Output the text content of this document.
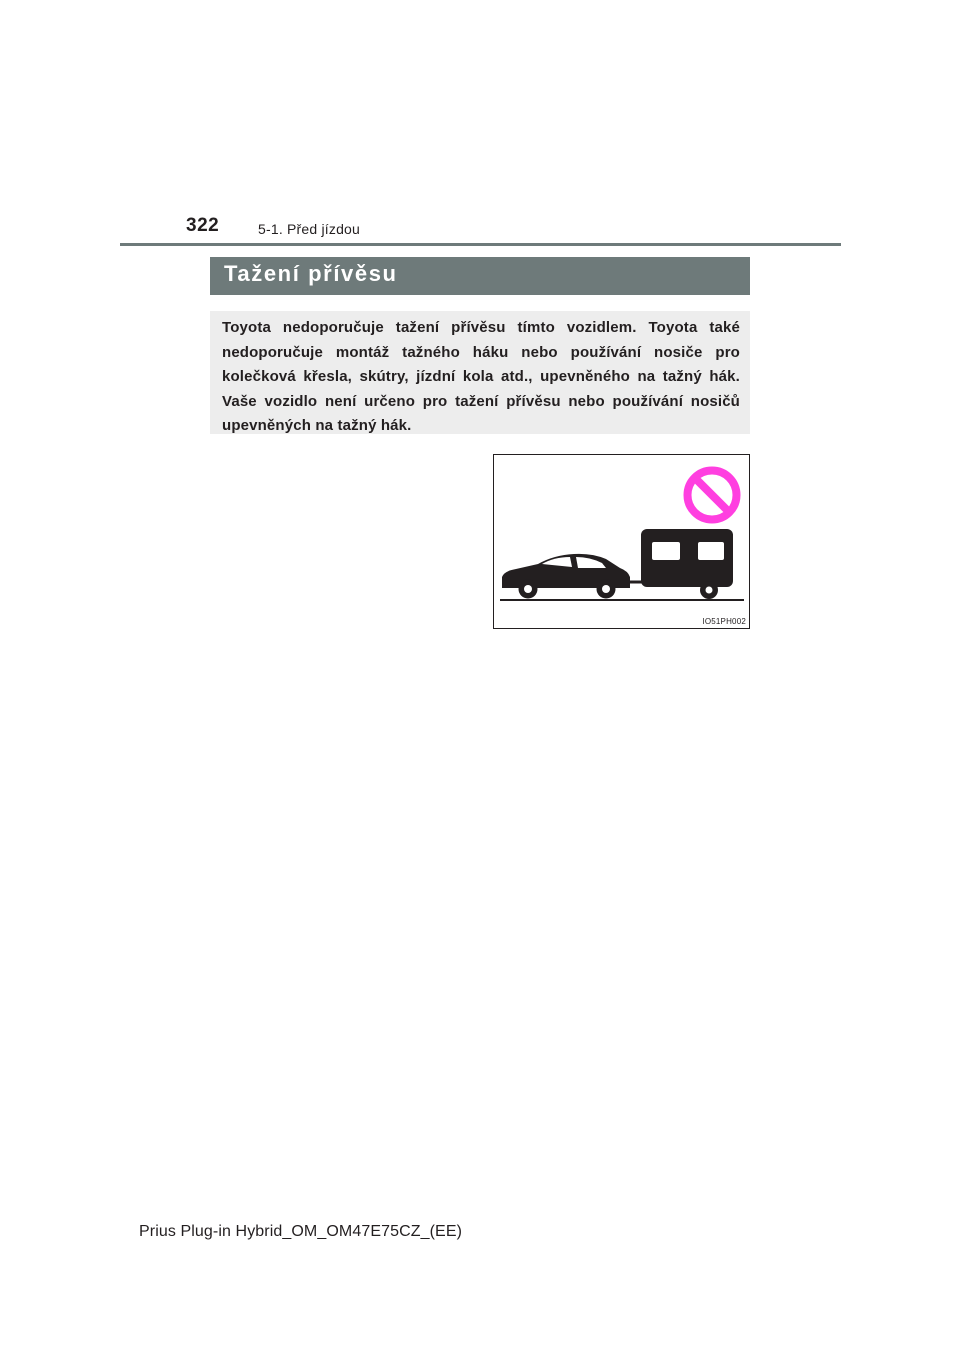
322	5-1. Před jízdou
Tažení přívěsu

Toyota nedoporučuje tažení přívěsu tímto vozidlem. Toyota také nedoporučuje montáž tažného háku nebo používání nosiče pro kolečková křesla, skútry, jízdní kola atd., upevněného na tažný hák. Vaše vozidlo není určeno pro tažení přívěsu nebo používání nosičů upevněných na tažný hák.

IO51PH002
Prius Plug-in Hybrid_OM_OM47E75CZ_(EE)
